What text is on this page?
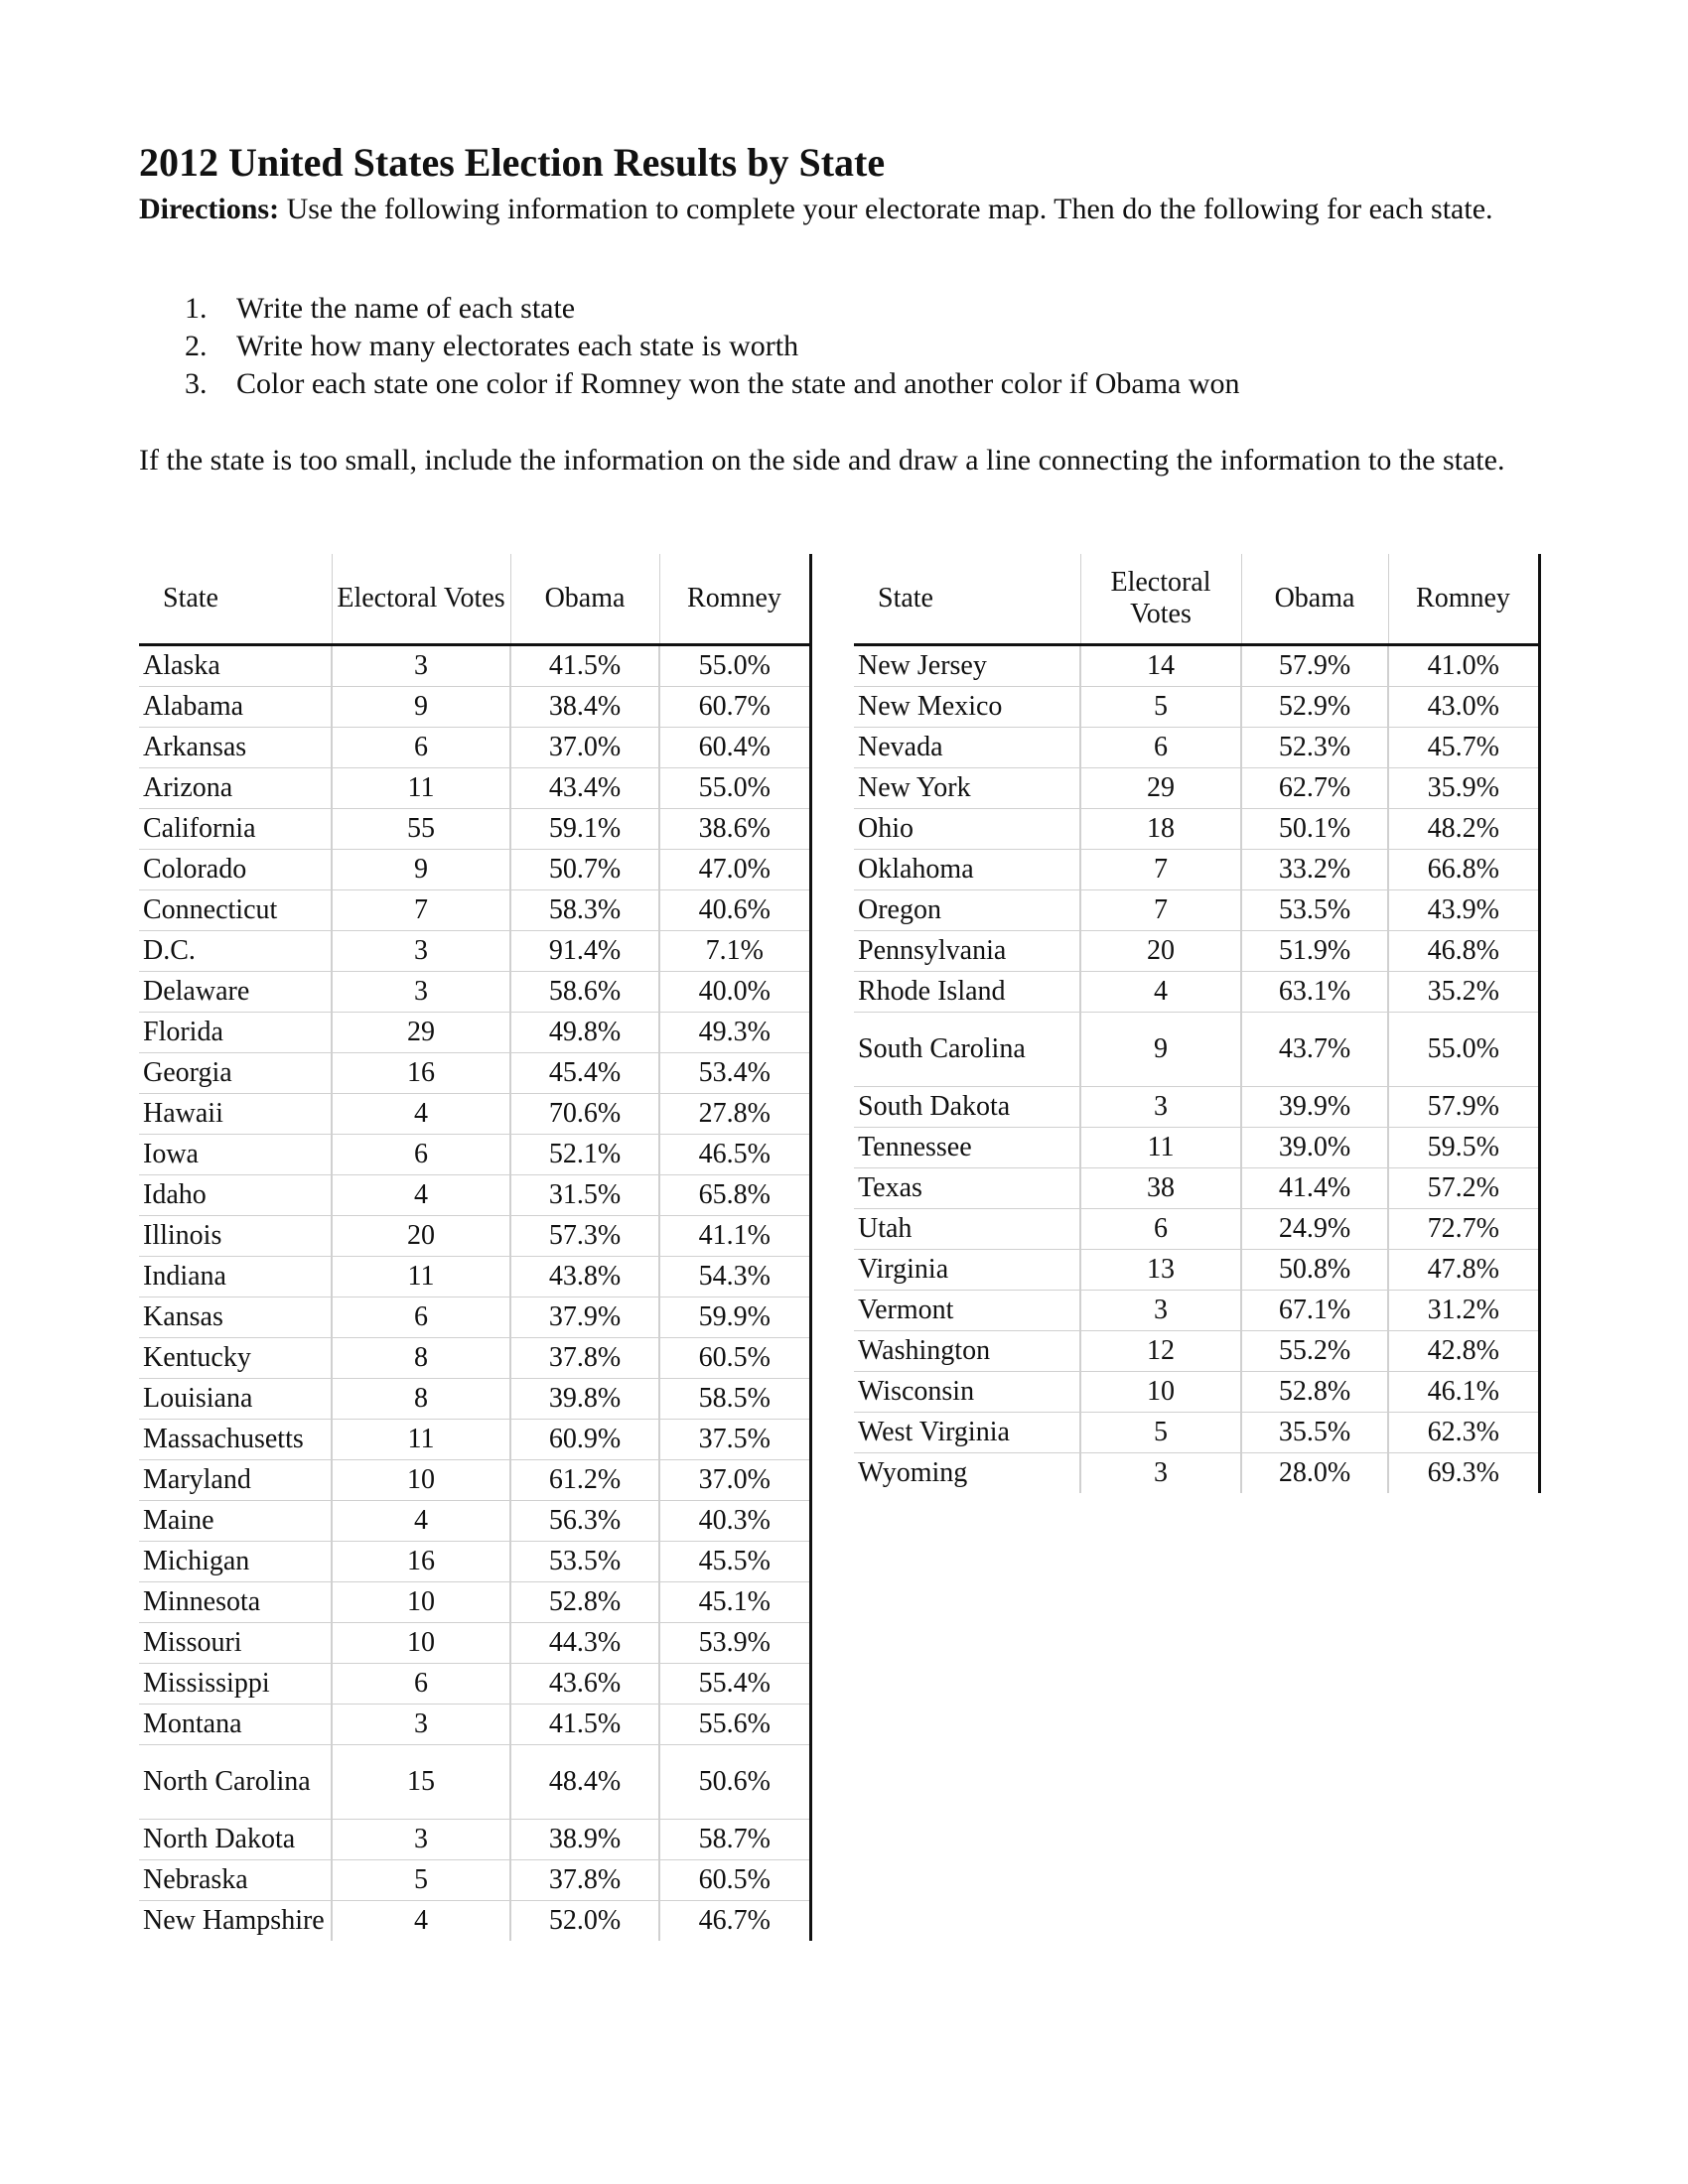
2012 United States Election Results by State

Directions: Use the following information to complete your electorate map. Then do the following for each state.

1. Write the name of each state
2. Write how many electorates each state is worth
3. Color each state one color if Romney won the state and another color if Obama won

If the state is too small, include the information on the side and draw a line connecting the information to the state.

State	Electoral Votes	Obama	Romney
Alaska	3	41.5%	55.0%
Alabama	9	38.4%	60.7%
Arkansas	6	37.0%	60.4%
Arizona	11	43.4%	55.0%
California	55	59.1%	38.6%
Colorado	9	50.7%	47.0%
Connecticut	7	58.3%	40.6%
D.C.	3	91.4%	7.1%
Delaware	3	58.6%	40.0%
Florida	29	49.8%	49.3%
Georgia	16	45.4%	53.4%
Hawaii	4	70.6%	27.8%
Iowa	6	52.1%	46.5%
Idaho	4	31.5%	65.8%
Illinois	20	57.3%	41.1%
Indiana	11	43.8%	54.3%
Kansas	6	37.9%	59.9%
Kentucky	8	37.8%	60.5%
Louisiana	8	39.8%	58.5%
Massachusetts	11	60.9%	37.5%
Maryland	10	61.2%	37.0%
Maine	4	56.3%	40.3%
Michigan	16	53.5%	45.5%
Minnesota	10	52.8%	45.1%
Missouri	10	44.3%	53.9%
Mississippi	6	43.6%	55.4%
Montana	3	41.5%	55.6%
North Carolina	15	48.4%	50.6%
North Dakota	3	38.9%	58.7%
Nebraska	5	37.8%	60.5%
New Hampshire	4	52.0%	46.7%
State	Electoral Votes	Obama	Romney
New Jersey	14	57.9%	41.0%
New Mexico	5	52.9%	43.0%
Nevada	6	52.3%	45.7%
New York	29	62.7%	35.9%
Ohio	18	50.1%	48.2%
Oklahoma	7	33.2%	66.8%
Oregon	7	53.5%	43.9%
Pennsylvania	20	51.9%	46.8%
Rhode Island	4	63.1%	35.2%
South Carolina	9	43.7%	55.0%
South Dakota	3	39.9%	57.9%
Tennessee	11	39.0%	59.5%
Texas	38	41.4%	57.2%
Utah	6	24.9%	72.7%
Virginia	13	50.8%	47.8%
Vermont	3	67.1%	31.2%
Washington	12	55.2%	42.8%
Wisconsin	10	52.8%	46.1%
West Virginia	5	35.5%	62.3%
Wyoming	3	28.0%	69.3%
